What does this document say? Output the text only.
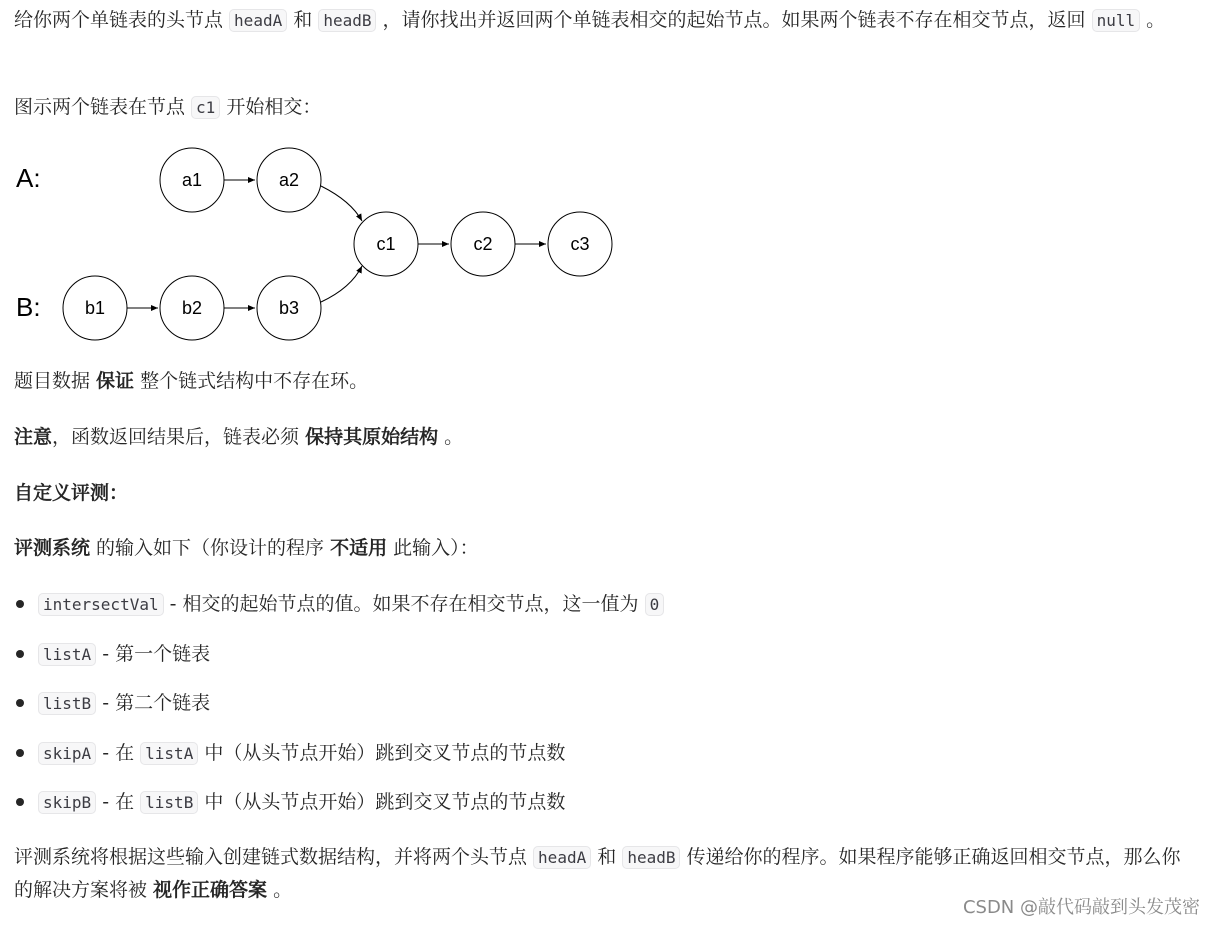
给你两个单链表的头节点 headA 和 headB ，请你找出并返回两个单链表相交的起始节点。如果两个链表不存在相交节点，返回 null 。

图示两个链表在节点 c1 开始相交：

A:
B:
a1	a2
b1	b2	b3
c1	c2	c3

题目数据 保证 整个链式结构中不存在环。

注意，函数返回结果后，链表必须 保持其原始结构 。

自定义评测：

评测系统 的输入如下（你设计的程序 不适用 此输入）：

intersectVal - 相交的起始节点的值。如果不存在相交节点，这一值为 0
listA - 第一个链表
listB - 第二个链表
skipA - 在 listA 中（从头节点开始）跳到交叉节点的节点数
skipB - 在 listB 中（从头节点开始）跳到交叉节点的节点数

评测系统将根据这些输入创建链式数据结构，并将两个头节点 headA 和 headB 传递给你的程序。如果程序能够正确返回相交节点，那么你的解决方案将被 视作正确答案 。

CSDN @敲代码敲到头发茂密
